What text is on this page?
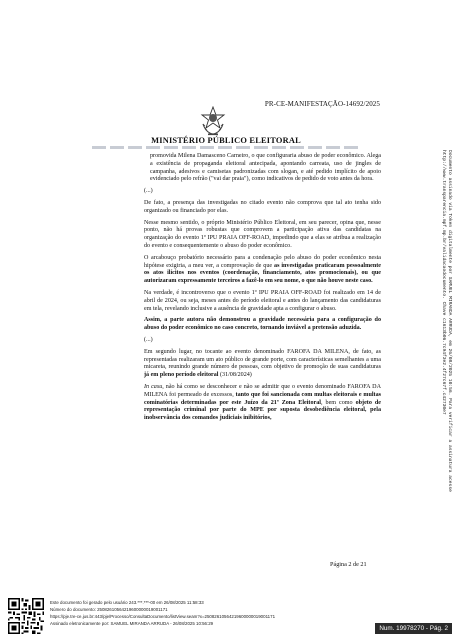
PR-CE-MANIFESTAÇÃO-14692/2025
MINISTÉRIO PÚBLICO ELEITORAL

promovida Milena Damasceno Carneiro, o que configuraria abuso de poder econômico. Alega a existência de propaganda eleitoral antecipada, apontando carreata, uso de jingles de campanha, adesivos e camisetas padronizadas com slogan, e até pedido implícito de apoio evidenciado pelo refrão ("vai dar praia"), como indicativos de pedido de voto antes da hora.

(...)

De fato, a presença das investigadas no citado evento não comprova que tal ato tenha sido organizado ou financiado por elas.

Nesse mesmo sentido, o próprio Ministério Público Eleitoral, em seu parecer, opina que, nesse ponto, não há provas robustas que comprovem a participação ativa das candidatas na organização do evento 1º IPU PRAIA OFF-ROAD, impedindo que a elas se atribua a realização do evento e consequentemente o abuso do poder econômico.

O arcabouço probatório necessário para a condenação pelo abuso do poder econômico nesta hipótese exigiria, a meu ver, a comprovação de que as investigadas praticaram pessoalmente os atos ilícitos nos eventos (coordenação, financiamento, atos promocionais), ou que autorizaram expressamente terceiros a fazê-lo em seu nome, o que não houve neste caso.

Na verdade, é incontroverso que o evento 1º IPU PRAIA OFF-ROAD foi realizado em 14 de abril de 2024, ou seja, meses antes do período eleitoral e antes do lançamento das candidaturas em tela, revelando inclusive a ausência de gravidade apta a configurar o abuso.

Assim, a parte autora não demonstrou a gravidade necessária para a configuração do abuso do poder econômico no caso concreto, tornando inviável a pretensão aduzida.

(...)

Em segundo lugar, no tocante ao evento denominado FAROFA DA MILENA, de fato, as representadas realizaram um ato público de grande porte, com características semelhantes a uma micareta, reunindo grande número de pessoas, com objetivo de promoção de suas candidaturas já em pleno período eleitoral (31/08/2024)

In casu, não há como se desconhecer e não se admitir que o evento denominado FAROFA DA MILENA foi permeado de excessos, tanto que foi sancionada com multas eleitorais e multas cominatórias determinadas por este Juízo da 21ª Zona Eleitoral, bem como objeto de representação criminal por parte do MPE por suposta desobediência eleitoral, pela inobservância dos comandos judiciais inibitórios,

Página 2 de 21
Documento assinado via Token digitalmente por SAMUEL MIRANDA ARRUDA, em 26/08/2025 10:56. Para verificar a assinatura acesse
http://www.transparencia.mpf.mp.br/validacaodocumento. Chave c1613b06.7c94f3e2.4f27c67f.c42730e7
Este documento foi gerado pelo usuário 243.***.***-00 em 26/08/2025 11:58:33
Número do documento: 25082610564219600000019001171
https://pje.tre-ce.jus.br:443/pje/Processo/ConsultaDocumento/listView.seam?x=25082610564219600000019001171
Assinado eletronicamente por: SAMUEL MIRANDA ARRUDA - 26/08/2025 10:56:29
Num. 19978270 - Pág. 2
